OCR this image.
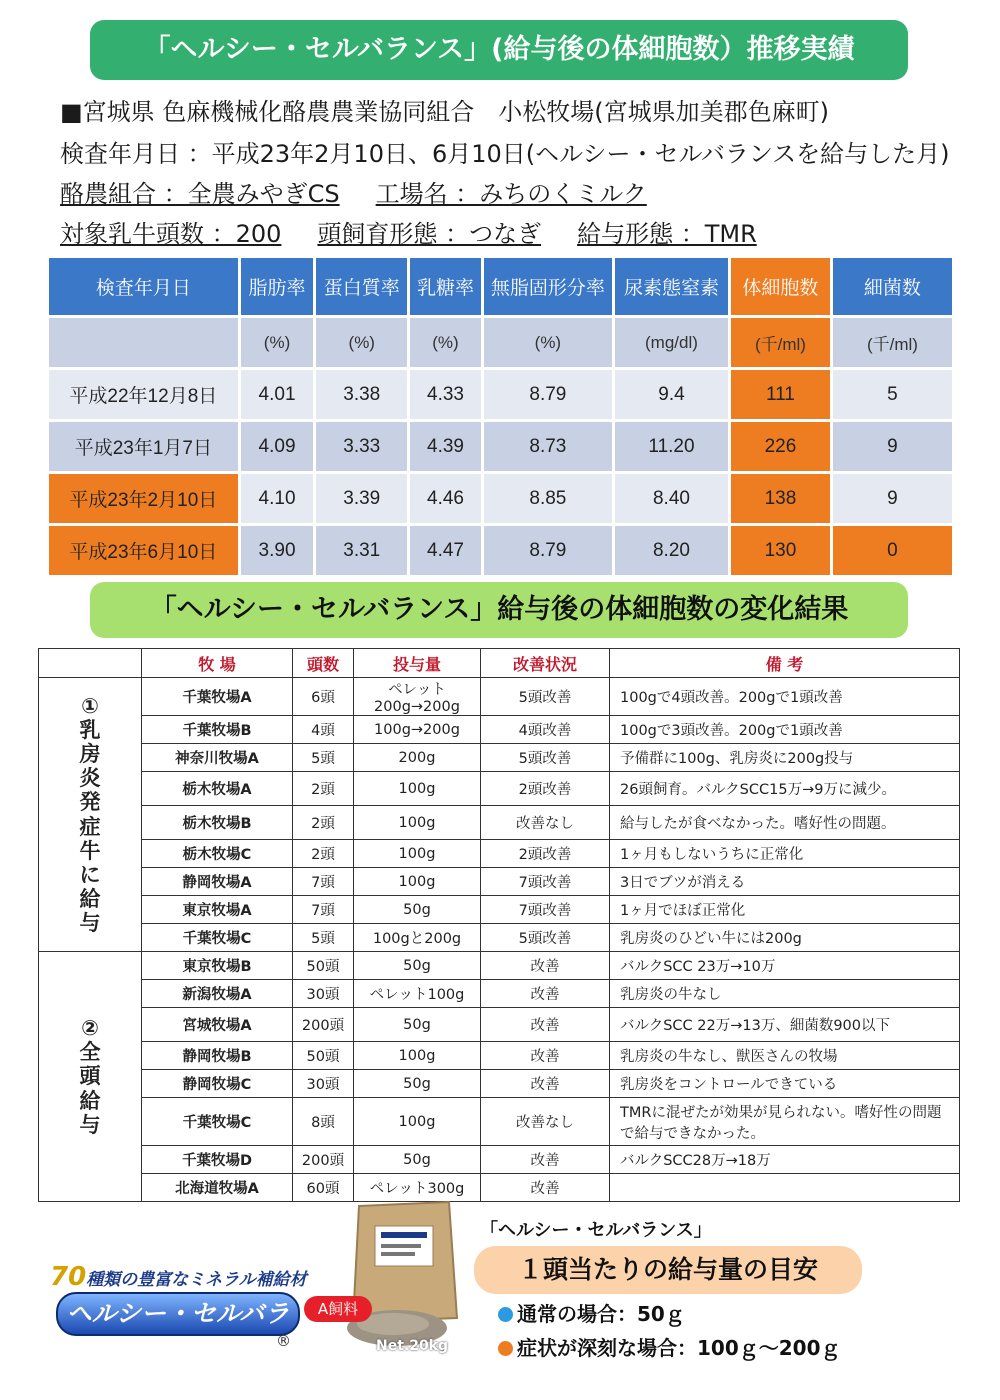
「ヘルシー・セルバランス」(給与後の体細胞数）推移実績
■宮城県 色麻機械化酪農農業協同組合　小松牧場(宮城県加美郡色麻町)
検査年月日 ：平成23年2月10日、6月10日(ヘルシー・セルバランスを給与した月)
酪農組合 ：全農みやぎCS 工場名 ：みちのくミルク
対象乳牛頭数 ：200 頭飼育形態 ：つなぎ 給与形態 ：TMR
検査年月日	脂肪率	蛋白質率	乳糖率	無脂固形分率	尿素態窒素	体細胞数	細菌数
	(%)	(%)	(%)	(%)	(mg/dl)	(千/ml)	(千/ml)
平成22年12月8日	4.01	3.38	4.33	8.79	9.4	111	5
平成23年1月7日	4.09	3.33	4.39	8.73	11.20	226	9
平成23年2月10日	4.10	3.39	4.46	8.85	8.40	138	9
平成23年6月10日	3.90	3.31	4.47	8.79	8.20	130	0
「ヘルシー・セルバランス」給与後の体細胞数の変化結果
	牧 場	頭数	投与量	改善状況	備 考
①乳房炎発症牛に給与	千葉牧場A	6頭	ペレット200g→200g	5頭改善	100gで4頭改善。200gで1頭改善
	千葉牧場B	4頭	100g→200g	4頭改善	100gで3頭改善。200gで1頭改善
	神奈川牧場A	5頭	200g	5頭改善	予備群に100g、乳房炎に200g投与
	栃木牧場A	2頭	100g	2頭改善	26頭飼育。バルクSCC15万→9万に減少。
	栃木牧場B	2頭	100g	改善なし	給与したが食べなかった。嗜好性の問題。
	栃木牧場C	2頭	100g	2頭改善	1ヶ月もしないうちに正常化
	静岡牧場A	7頭	100g	7頭改善	3日でブツが消える
	東京牧場A	7頭	50g	7頭改善	1ヶ月でほぼ正常化
	千葉牧場C	5頭	100gと200g	5頭改善	乳房炎のひどい牛には200g
②全頭給与	東京牧場B	50頭	50g	改善	バルクSCC 23万→10万
	新潟牧場A	30頭	ペレット100g	改善	乳房炎の牛なし
	宮城牧場A	200頭	50g	改善	バルクSCC 22万→13万、細菌数900以下
	静岡牧場B	50頭	100g	改善	乳房炎の牛なし、獣医さんの牧場
	静岡牧場C	30頭	50g	改善	乳房炎をコントロールできている
	千葉牧場C	8頭	100g	改善なし	TMRに混ぜたが効果が見られない。嗜好性の問題で給与できなかった。
	千葉牧場D	200頭	50g	改善	バルクSCC28万→18万
	北海道牧場A	60頭	ペレット300g	改善	
70種類の豊富なミネラル補給材
ヘルシー・セルバランス	®	Net.20kg
A飼料
「ヘルシー・セルバランス」
１頭当たりの給与量の目安
通常の場合：50ｇ
症状が深刻な場合：100ｇ～200ｇ
